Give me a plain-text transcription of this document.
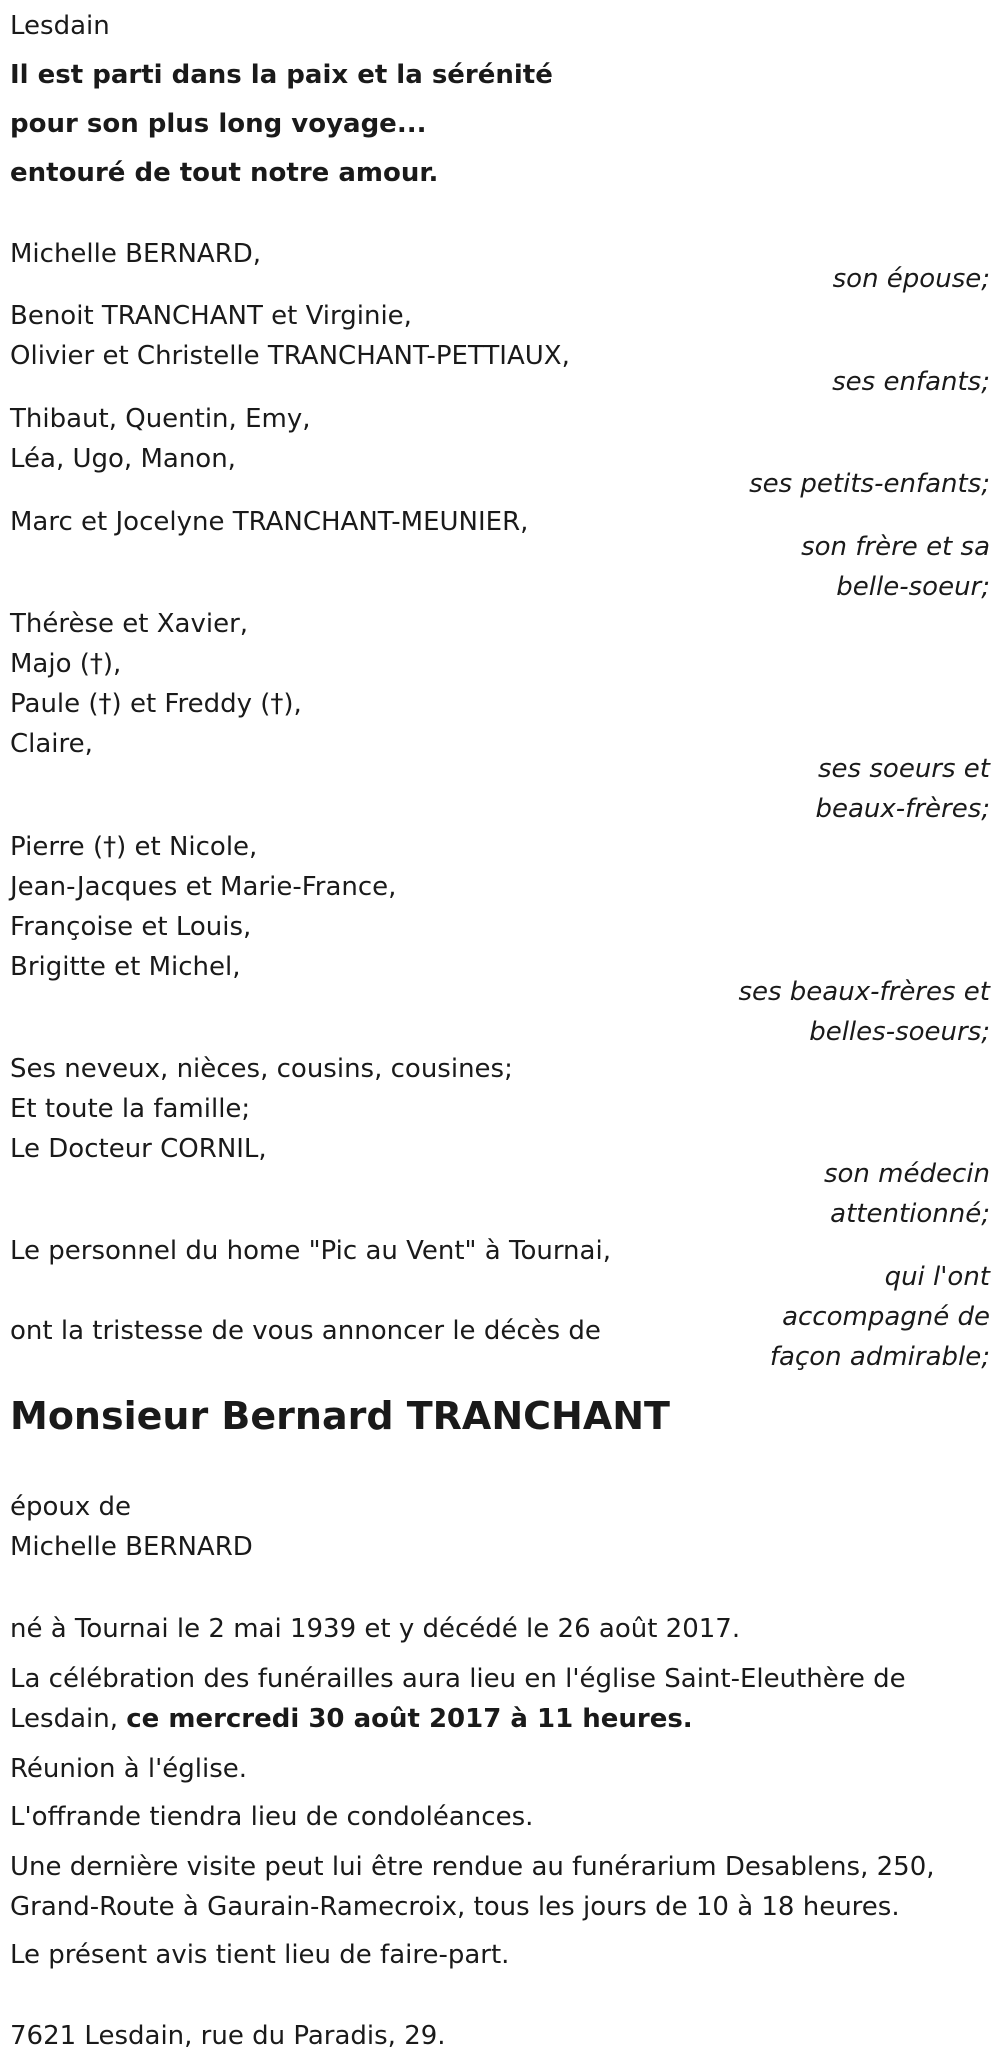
Lesdain
Il est parti dans la paix et la sérénité
pour son plus long voyage...
entouré de tout notre amour.
Michelle BERNARD,
son épouse;
Benoit TRANCHANT et Virginie,
Olivier et Christelle TRANCHANT-PETTIAUX,
ses enfants;
Thibaut, Quentin, Emy,
Léa, Ugo, Manon,
ses petits-enfants;
Marc et Jocelyne TRANCHANT-MEUNIER,
son frère et sa
belle-soeur;
Thérèse et Xavier,
Majo (†),
Paule (†) et Freddy (†),
Claire,
ses soeurs et
beaux-frères;
Pierre (†) et Nicole,
Jean-Jacques et Marie-France,
Françoise et Louis,
Brigitte et Michel,
ses beaux-frères et
belles-soeurs;
Ses neveux, nièces, cousins, cousines;
Et toute la famille;
Le Docteur CORNIL,
son médecin
attentionné;
Le personnel du home "Pic au Vent" à Tournai,
qui l'ont
accompagné de
façon admirable;
ont la tristesse de vous annoncer le décès de
Monsieur Bernard TRANCHANT
époux de
Michelle BERNARD
né à Tournai le 2 mai 1939 et y décédé le 26 août 2017.
La célébration des funérailles aura lieu en l'église Saint-Eleuthère de
Lesdain, ce mercredi 30 août 2017 à 11 heures.
Réunion à l'église.
L'offrande tiendra lieu de condoléances.
Une dernière visite peut lui être rendue au funérarium Desablens, 250,
Grand-Route à Gaurain-Ramecroix, tous les jours de 10 à 18 heures.
Le présent avis tient lieu de faire-part.
7621 Lesdain, rue du Paradis, 29.
